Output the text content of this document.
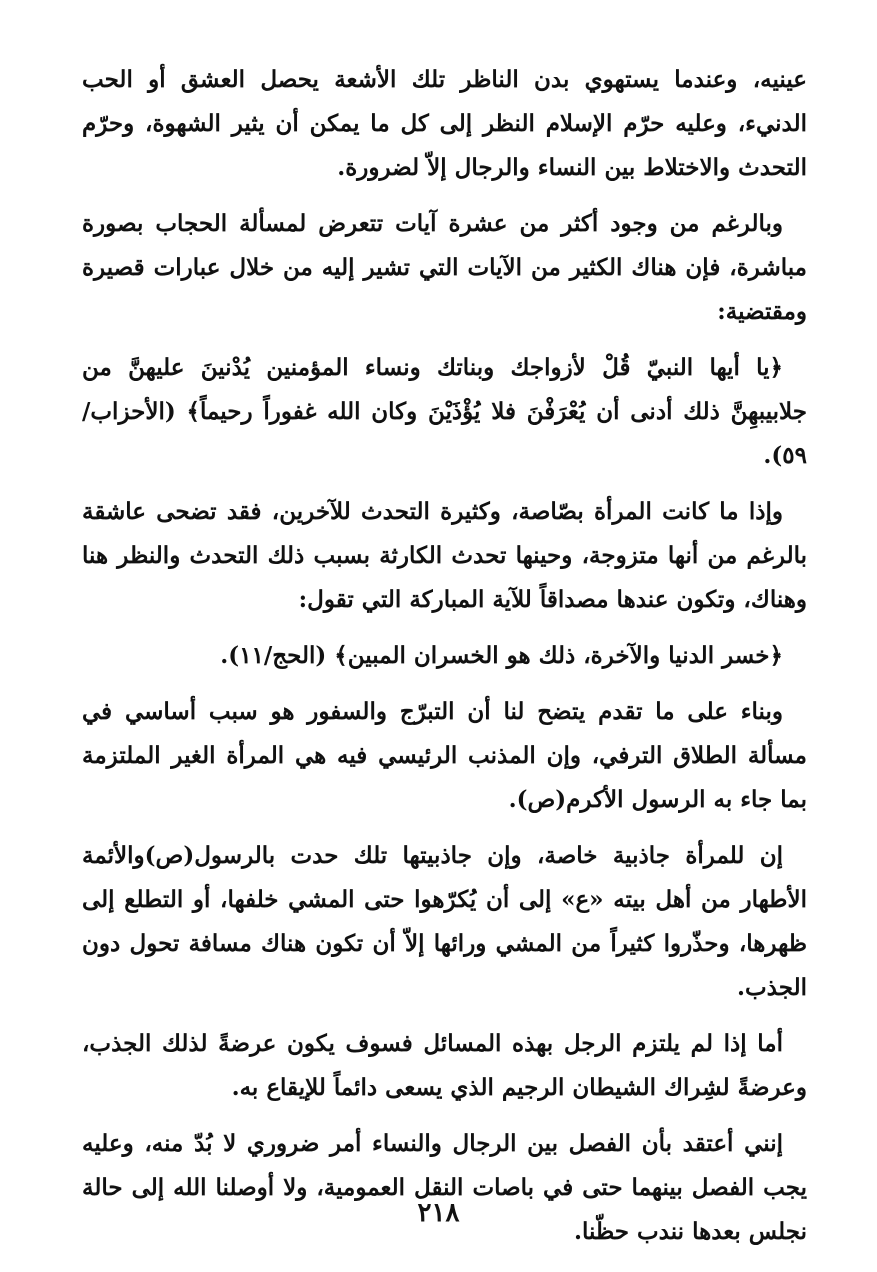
عينيه، وعندما يستهوي بدن الناظر تلك الأشعة يحصل العشق أو الحب الدنيء، وعليه حرّم الإسلام النظر إلى كل ما يمكن أن يثير الشهوة، وحرّم التحدث والاختلاط بين النساء والرجال إلاّ لضرورة.

وبالرغم من وجود أكثر من عشرة آيات تتعرض لمسألة الحجاب بصورة مباشرة، فإن هناك الكثير من الآيات التي تشير إليه من خلال عبارات قصيرة ومقتضية:

﴿يا أيها النبيّ قُلْ لأزواجك وبناتك ونساء المؤمنين يُدْنينَ عليهنَّ من جلابيبهِنَّ ذلك أدنى أن يُعْرَفْنَ فلا يُؤْذَيْنَ وكان الله غفوراً رحيماً﴾ (الأحزاب/٥٩).

وإذا ما كانت المرأة بصّاصة، وكثيرة التحدث للآخرين، فقد تضحى عاشقة بالرغم من أنها متزوجة، وحينها تحدث الكارثة بسبب ذلك التحدث والنظر هنا وهناك، وتكون عندها مصداقاً للآية المباركة التي تقول:

﴿خسر الدنيا والآخرة، ذلك هو الخسران المبين﴾ (الحج/١١).

وبناء على ما تقدم يتضح لنا أن التبرّج والسفور هو سبب أساسي في مسألة الطلاق الترفي، وإن المذنب الرئيسي فيه هي المرأة الغير الملتزمة بما جاء به الرسول الأكرم(ص).

إن للمرأة جاذبية خاصة، وإن جاذبيتها تلك حدت بالرسول(ص)والأئمة الأطهار من أهل بيته «ع» إلى أن يُكرّهوا حتى المشي خلفها، أو التطلع إلى ظهرها، وحذّروا كثيراً من المشي ورائها إلاّ أن تكون هناك مسافة تحول دون الجذب.

أما إذا لم يلتزم الرجل بهذه المسائل فسوف يكون عرضةً لذلك الجذب، وعرضةً لشِراك الشيطان الرجيم الذي يسعى دائماً للإيقاع به.

إنني أعتقد بأن الفصل بين الرجال والنساء أمر ضروري لا بُدّ منه، وعليه يجب الفصل بينهما حتى في باصات النقل العمومية، ولا أوصلنا الله إلى حالة نجلس بعدها نندب حظّنا.

٢١٨
